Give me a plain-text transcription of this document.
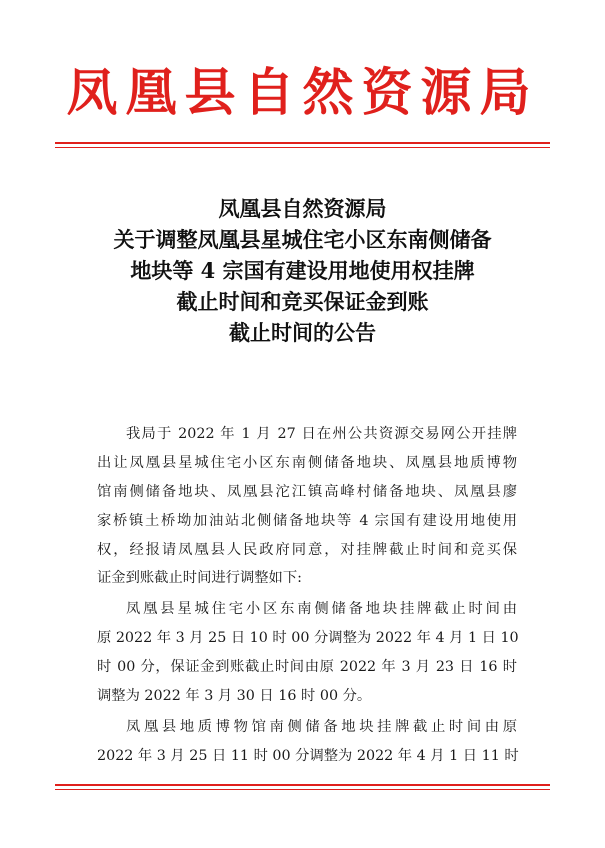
凤凰县自然资源局
凤凰县自然资源局
关于调整凤凰县星城住宅小区东南侧储备
地块等 4 宗国有建设用地使用权挂牌
截止时间和竞买保证金到账
截止时间的公告
我局于 2022 年 1 月 27 日在州公共资源交易网公开挂牌
出让凤凰县星城住宅小区东南侧储备地块、凤凰县地质博物
馆南侧储备地块、凤凰县沱江镇高峰村储备地块、凤凰县廖
家桥镇土桥坳加油站北侧储备地块等 4 宗国有建设用地使用
权，经报请凤凰县人民政府同意，对挂牌截止时间和竞买保
证金到账截止时间进行调整如下:
凤凰县星城住宅小区东南侧储备地块挂牌截止时间由
原 2022 年 3 月 25 日 10 时 00 分调整为 2022 年 4 月 1 日 10
时 00 分，保证金到账截止时间由原 2022 年 3 月 23 日 16 时
调整为 2022 年 3 月 30 日 16 时 00 分。
凤凰县地质博物馆南侧储备地块挂牌截止时间由原
2022 年 3 月 25 日 11 时 00 分调整为 2022 年 4 月 1 日 11 时
